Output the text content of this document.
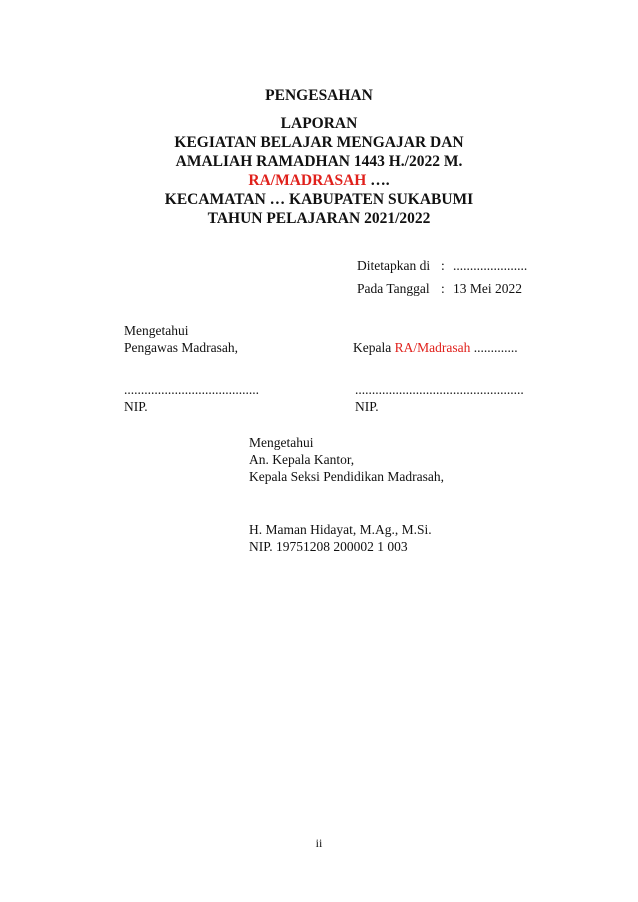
PENGESAHAN
LAPORAN
KEGIATAN BELAJAR MENGAJAR DAN
AMALIAH RAMADHAN 1443 H./2022 M.
RA/MADRASAH ….
KECAMATAN … KABUPATEN SUKABUMI
TAHUN PELAJARAN 2021/2022
Ditetapkan di : ......................
Pada Tanggal : 13 Mei 2022
Mengetahui
Pengawas Madrasah,	Kepala RA/Madrasah .............
........................................
NIP.
..................................................
NIP.
Mengetahui
An. Kepala Kantor,
Kepala Seksi Pendidikan Madrasah,
H. Maman Hidayat, M.Ag., M.Si.
NIP. 19751208 200002 1 003
ii
